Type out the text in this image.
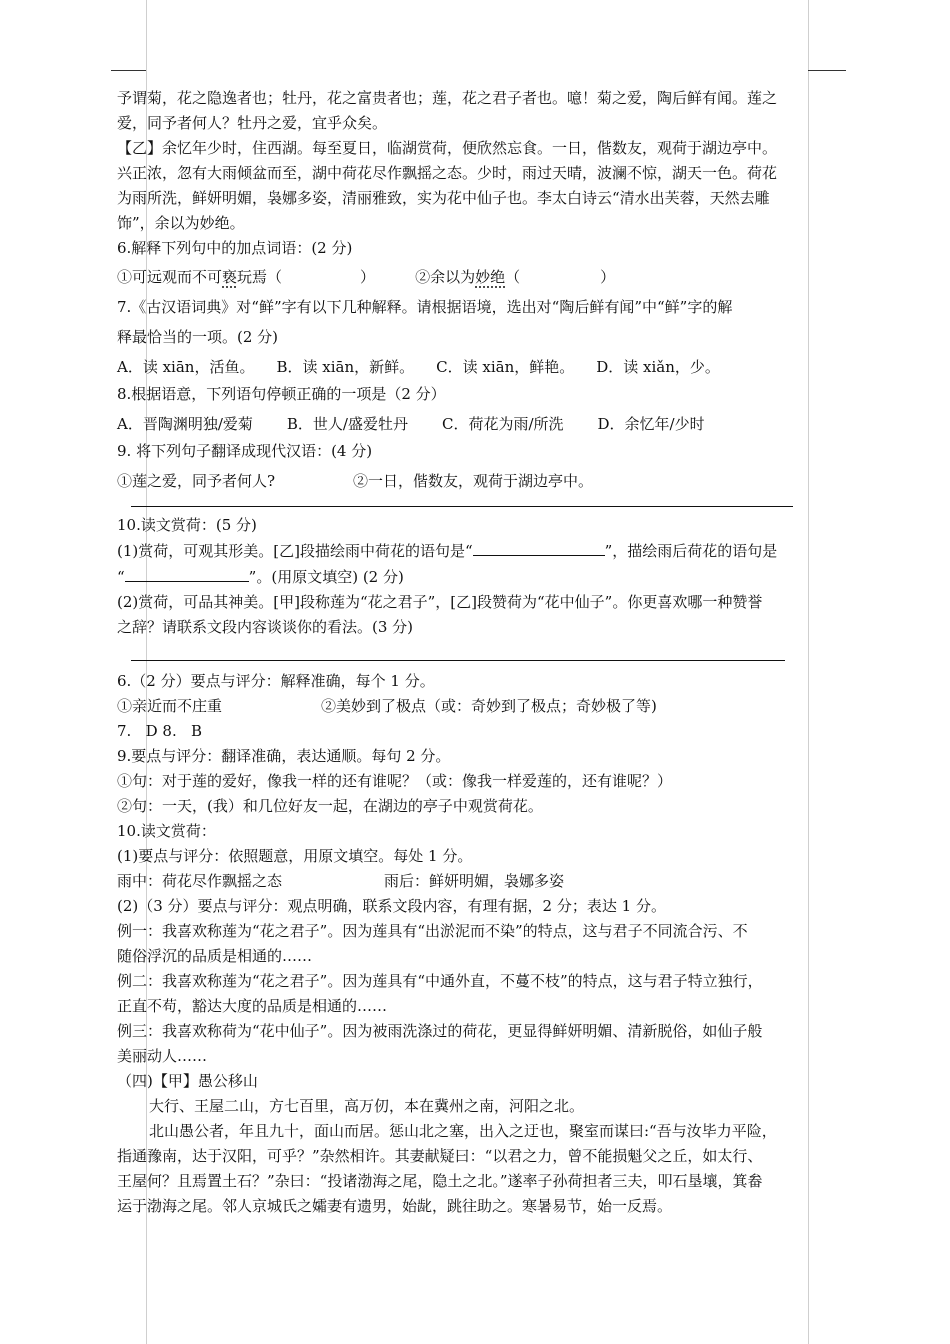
予谓菊，花之隐逸者也；牡丹，花之富贵者也；莲，花之君子者也。噫！菊之爱，陶后鲜有闻。莲之
爱，同予者何人？牡丹之爱，宜乎众矣。
【乙】余忆年少时，住西湖。每至夏日，临湖赏荷，便欣然忘食。一日，偕数友，观荷于湖边亭中。
兴正浓，忽有大雨倾盆而至，湖中荷花尽作飘摇之态。少时，雨过天晴，波澜不惊，湖天一色。荷花
为雨所洗，鲜妍明媚，袅娜多姿，清丽雅致，实为花中仙子也。李太白诗云“清水出芙蓉，天然去雕
饰”，余以为妙绝。
6.解释下列句中的加点词语：(2 分)
①可远观而不可亵玩焉（	）	②余以为妙绝（	）
7.《古汉语词典》对“鲜”字有以下几种解释。请根据语境，选出对“陶后鲜有闻”中“鲜”字的解
释最恰当的一项。(2 分)
A．读 xiān，活鱼。 B．读 xiān，新鲜。 C．读 xiān，鲜艳。 D．读 xiǎn，少。
8.根据语意，下列语句停顿正确的一项是（2 分）
A．晋陶渊明独/爱菊 B．世人/盛爱牡丹 C．荷花为雨/所洗 D．余忆年/少时
9. 将下列句子翻译成现代汉语：(4 分)
①莲之爱，同予者何人?	②一日，偕数友，观荷于湖边亭中。
10.读文赏荷：(5 分)
(1)赏荷，可观其形美。[乙]段描绘雨中荷花的语句是“	”，描绘雨后荷花的语句是
“	”。(用原文填空) (2 分)
(2)赏荷，可品其神美。[甲]段称莲为“花之君子”，[乙]段赞荷为“花中仙子”。你更喜欢哪一种赞誉
之辞？请联系文段内容谈谈你的看法。(3 分)
6.（2 分）要点与评分：解释准确，每个 1 分。
①亲近而不庄重	②美妙到了极点（或：奇妙到了极点；奇妙极了等)
7.   D 8.   B
9.要点与评分：翻译准确，表达通顺。每句 2 分。
①句：对于莲的爱好，像我一样的还有谁呢？（或：像我一样爱莲的，还有谁呢？）
②句：一天，(我）和几位好友一起，在湖边的亭子中观赏荷花。
10.读文赏荷：
(1)要点与评分：依照题意，用原文填空。每处 1 分。
雨中：荷花尽作飘摇之态	雨后：鲜妍明媚，袅娜多姿
(2)（3 分）要点与评分：观点明确，联系文段内容，有理有据，2 分；表达 1 分。
例一：我喜欢称莲为“花之君子”。因为莲具有“出淤泥而不染”的特点，这与君子不同流合污、不
随俗浮沉的品质是相通的……
例二：我喜欢称莲为“花之君子”。因为莲具有“中通外直，不蔓不枝”的特点，这与君子特立独行，
正直不苟，豁达大度的品质是相通的……
例三：我喜欢称荷为“花中仙子”。因为被雨洗涤过的荷花，更显得鲜妍明媚、清新脱俗，如仙子般
美丽动人……
（四)【甲】愚公移山
大行、王屋二山，方七百里，高万仞，本在冀州之南，河阳之北。
北山愚公者，年且九十，面山而居。惩山北之塞，出入之迂也，聚室而谋曰:“吾与汝毕力平险，
指通豫南，达于汉阳，可乎？”杂然相许。其妻献疑曰：“以君之力，曾不能损魁父之丘，如太行、
王屋何？且焉置土石？”杂曰：“投诸渤海之尾，隐土之北。”遂率子孙荷担者三夫，叩石垦壤，箕畚
运于渤海之尾。邻人京城氏之孀妻有遗男，始龀，跳往助之。寒暑易节，始一反焉。
